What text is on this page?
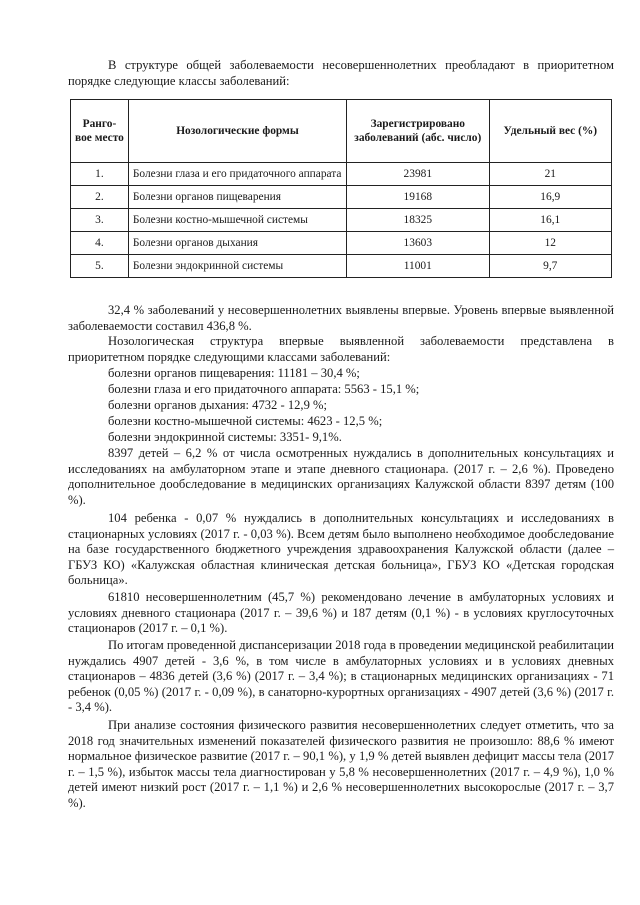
В структуре общей заболеваемости несовершеннолетних преобладают в приоритетном порядке следующие классы заболеваний:

Ранго-вое место	Нозологические формы	Зарегистрировано заболеваний (абс. число)	Удельный вес (%)
1.	Болезни глаза и его придаточного аппарата	23981	21
2.	Болезни органов пищеварения	19168	16,9
3.	Болезни костно-мышечной системы	18325	16,1
4.	Болезни органов дыхания	13603	12
5.	Болезни эндокринной системы	11001	9,7

32,4 % заболеваний у несовершеннолетних выявлены впервые. Уровень впервые выявленной заболеваемости составил 436,8 %.

Нозологическая структура впервые выявленной заболеваемости представлена в приоритетном порядке следующими классами заболеваний:

болезни органов пищеварения: 11181 – 30,4 %;

болезни глаза и его придаточного аппарата: 5563 - 15,1 %;

болезни органов дыхания: 4732 - 12,9 %;

болезни костно-мышечной системы: 4623 - 12,5 %;

болезни эндокринной системы: 3351- 9,1%.

8397 детей – 6,2 % от числа осмотренных нуждались в дополнительных консультациях и исследованиях на амбулаторном этапе и этапе дневного стационара. (2017 г. – 2,6 %). Проведено дополнительное дообследование в медицинских организациях Калужской области 8397 детям (100 %).

104 ребенка - 0,07 % нуждались в дополнительных консультациях и исследованиях в стационарных условиях (2017 г. - 0,03 %). Всем детям было выполнено необходимое дообследование на базе государственного бюджетного учреждения здравоохранения Калужской области (далее – ГБУЗ КО) «Калужская областная клиническая детская больница», ГБУЗ КО «Детская городская больница».

61810 несовершеннолетним (45,7 %) рекомендовано лечение в амбулаторных условиях и условиях дневного стационара (2017 г. – 39,6 %) и 187 детям (0,1 %) - в условиях круглосуточных стационаров (2017 г. – 0,1 %).

По итогам проведенной диспансеризации 2018 года в проведении медицинской реабилитации нуждались 4907 детей - 3,6 %, в том числе в амбулаторных условиях и в условиях дневных стационаров – 4836 детей (3,6 %) (2017 г. – 3,4 %); в стационарных медицинских организациях - 71 ребенок (0,05 %) (2017 г. - 0,09 %), в санаторно-курортных организациях - 4907 детей (3,6 %) (2017 г. - 3,4 %).

При анализе состояния физического развития несовершеннолетних следует отметить, что за 2018 год значительных изменений показателей физического развития не произошло: 88,6 % имеют нормальное физическое развитие (2017 г. – 90,1 %), у 1,9 % детей выявлен дефицит массы тела (2017 г. – 1,5 %), избыток массы тела диагностирован у 5,8 % несовершеннолетних (2017 г. – 4,9 %), 1,0 % детей имеют низкий рост (2017 г. – 1,1 %) и 2,6 % несовершеннолетних высокорослые (2017 г. – 3,7 %).
